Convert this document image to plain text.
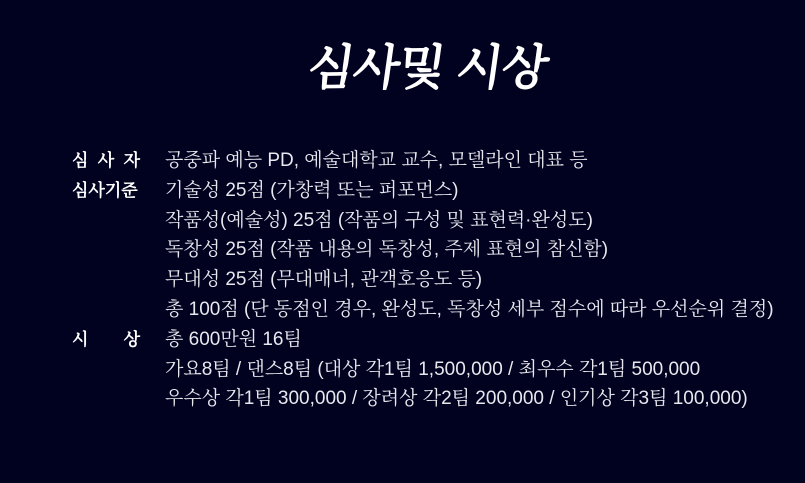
심사및 시상
심 사 자 공중파 예능 PD, 예술대학교 교수, 모델라인 대표 등
심사기준 기술성 25점 (가창력 또는 퍼포먼스)
작품성(예술성) 25점 (작품의 구성 및 표현력·완성도)
독창성 25점 (작품 내용의 독창성, 주제 표현의 참신함)
무대성 25점 (무대매너, 관객호응도 등)
총 100점 (단 동점인 경우, 완성도, 독창성 세부 점수에 따라 우선순위 결정)
시 상 총 600만원 16팀
가요8팀 / 댄스8팀 (대상 각1팀 1,500,000 / 최우수 각1팀 500,000
우수상 각1팀 300,000 / 장려상 각2팀 200,000 / 인기상 각3팀 100,000)
